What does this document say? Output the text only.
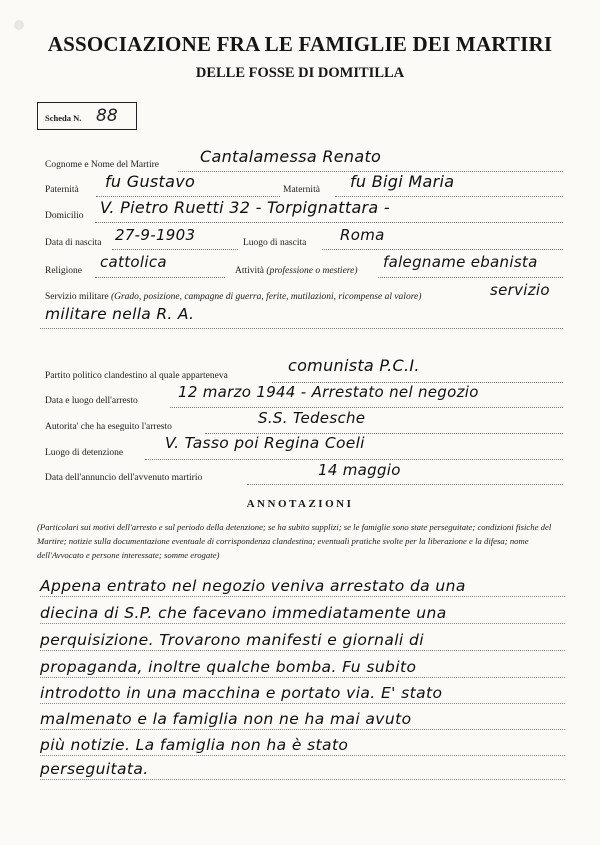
ASSOCIAZIONE FRA LE FAMIGLIE DEI MARTIRI
DELLE FOSSE DI DOMITILLA
Scheda N. 88
Cognome e Nome del Martire	Cantalamessa Renato
Paternità fu Gustavo	Maternità fu Bigi Maria
Domicilio V. Pietro Ruetti 32 - Torpignattara -
Data di nascita 27-9-1903	Luogo di nascita Roma
Religione cattolica	Attività (professione o mestiere) falegname ebanista
Servizio militare (Grado, posizione, campagne di guerra, ferite, mutilazioni, ricompense al valore)	servizio
militare nella R. A.
Partito politico clandestino al quale apparteneva
comunista P.C.I.
Data e luogo dell'arresto	12 marzo 1944 - Arrestato nel negozio
Autorita' che ha eseguito l'arresto	S.S. Tedesche
Luogo di detenzione
V. Tasso poi Regina Coeli
Data dell'annuncio dell'avvenuto martirio	14 maggio
ANNOTAZIONI
(Particolari sui motivi dell'arresto e sul periodo della detenzione; se ha subito supplizi; se le famiglie sono state perseguitate; condizioni fisiche del Martire; notizie sulla documentazione eventuale di corrispondenza clandestina; eventuali pratiche svolte per la liberazione e la difesa; nome dell'Avvocato e persone interessate; somme erogate)
Appena entrato nel negozio veniva arrestato da una
diecina di S.P. che facevano immediatamente una
perquisizione. Trovarono manifesti e giornali di
propaganda, inoltre qualche bomba. Fu subito
introdotto in una macchina e portato via. E' stato
malmenato e la famiglia non ne ha mai avuto
più notizie. La famiglia non ha è stato
perseguitata.
